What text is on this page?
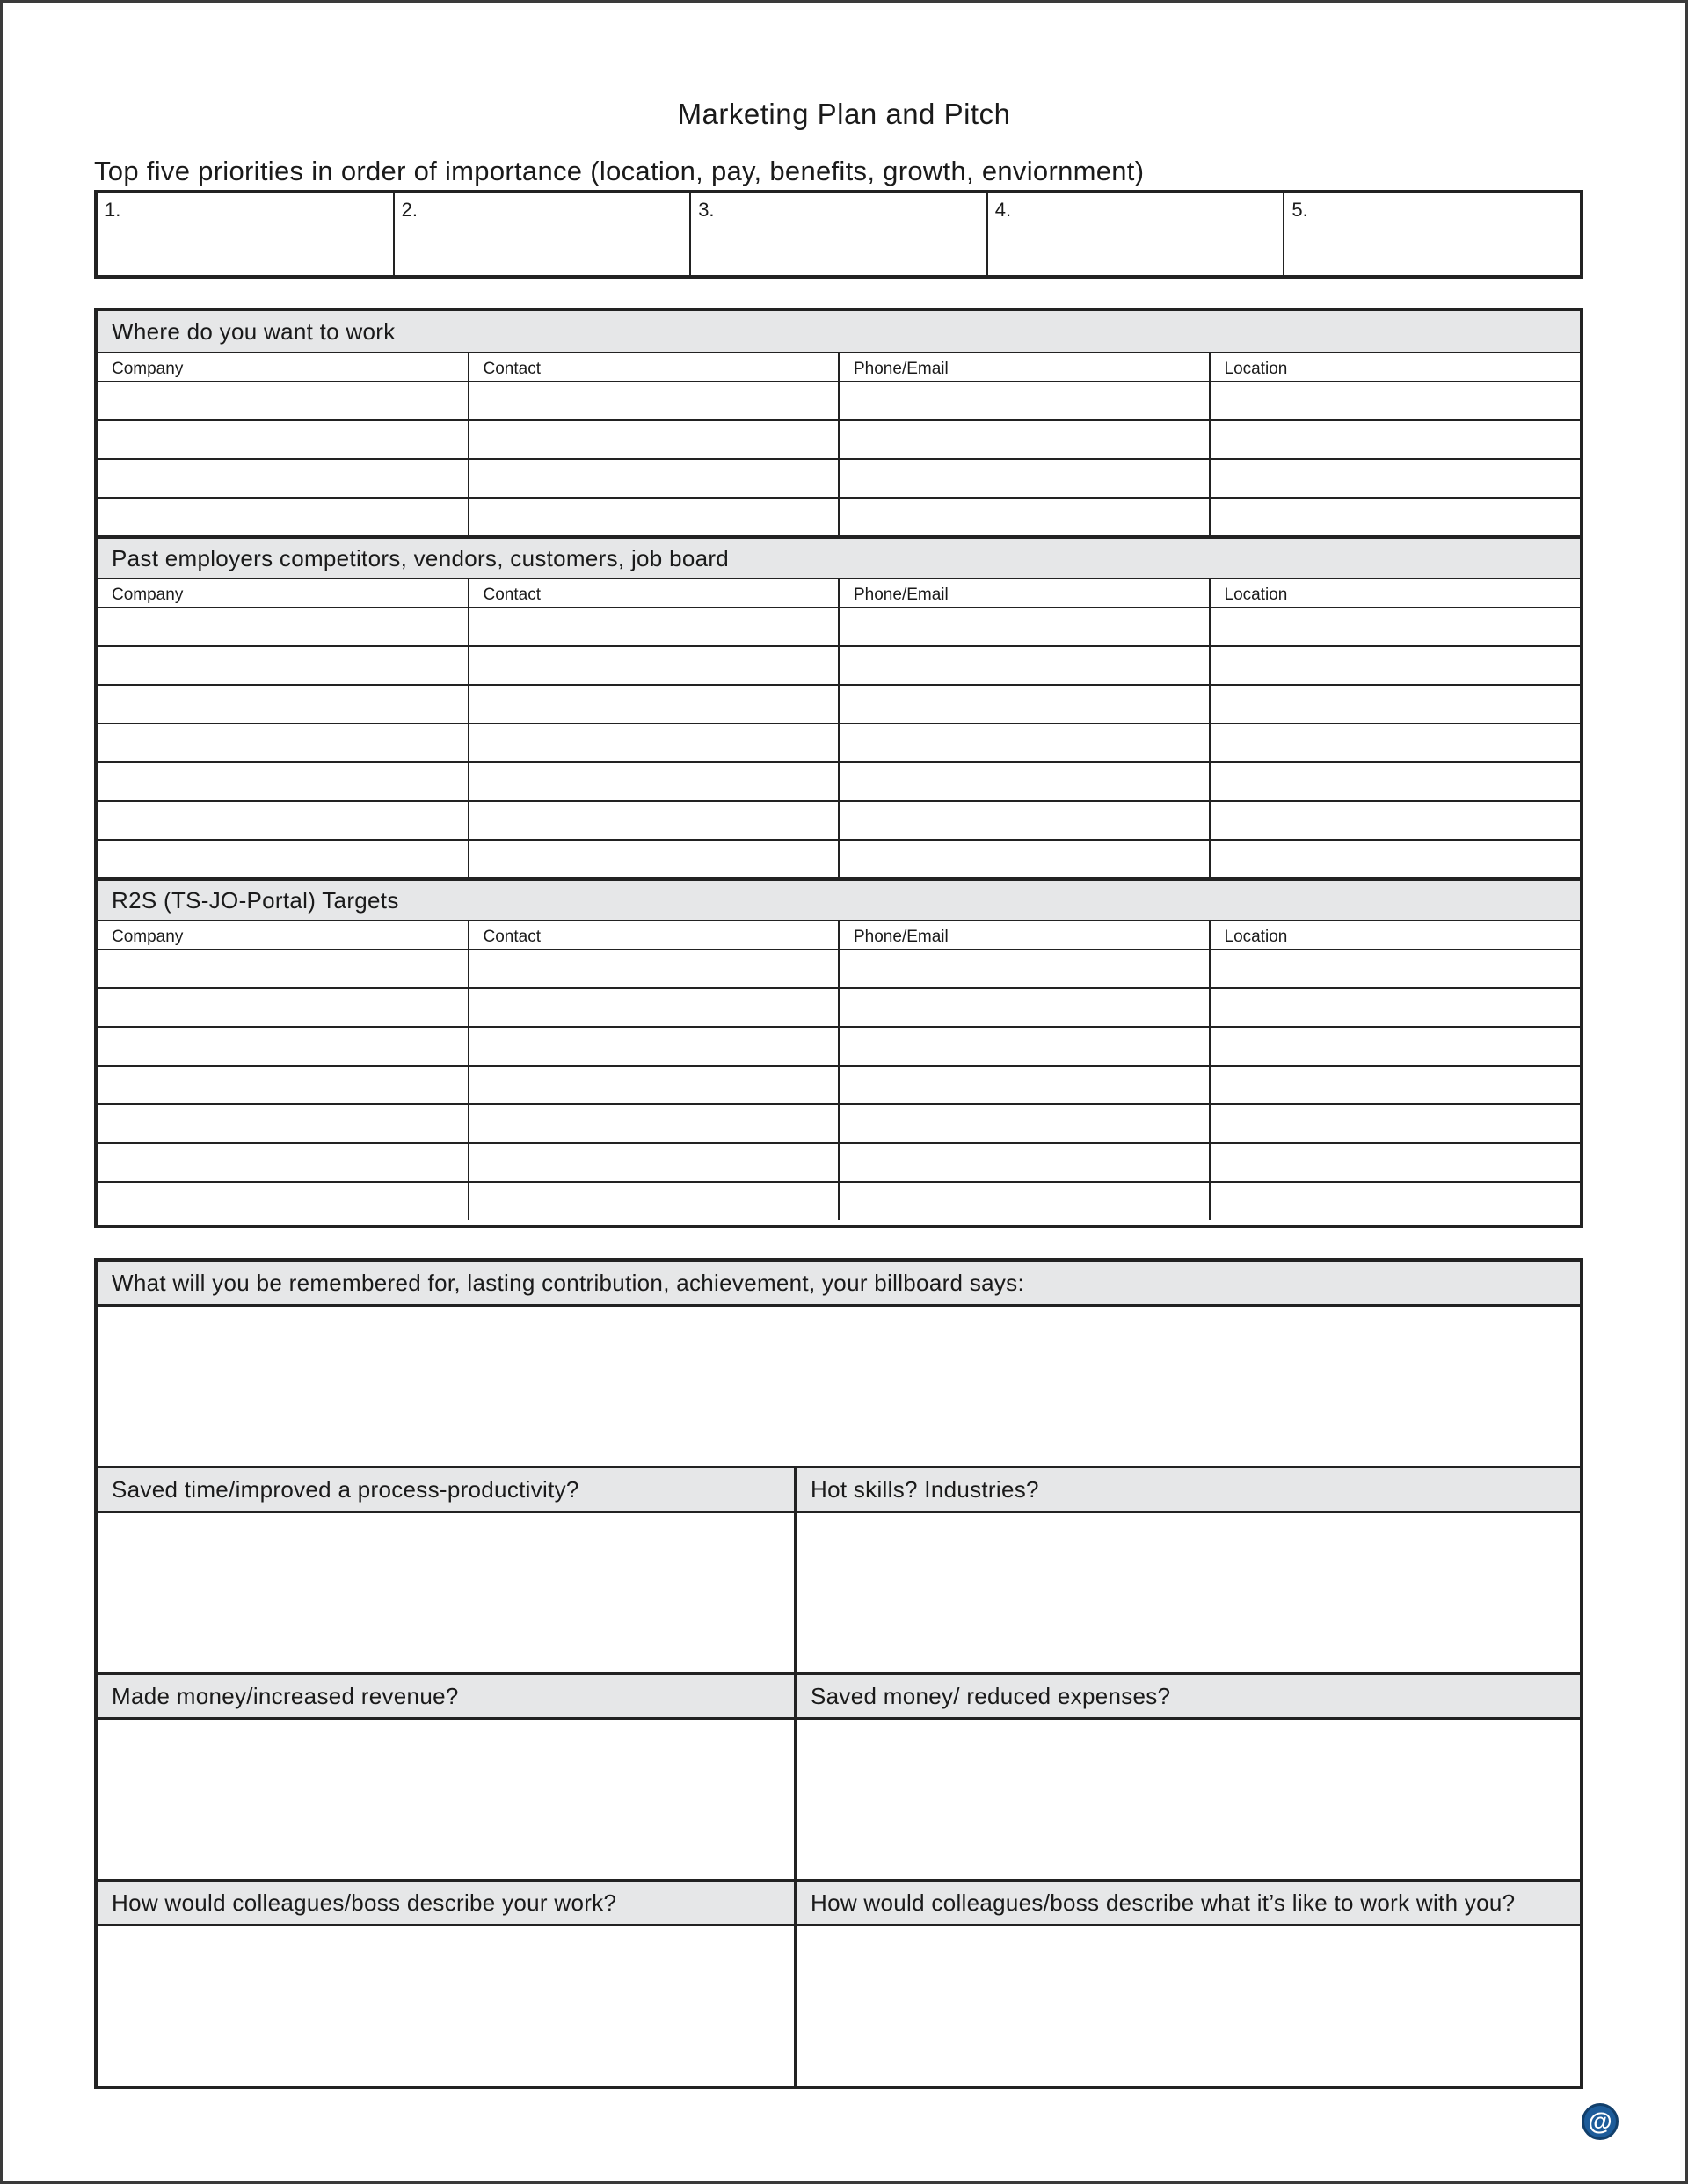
Marketing Plan and Pitch
Top five priorities in order of importance (location, pay, benefits, growth, enviornment)
1.	2.	3.	4.	5.
Where do you want to work
Company	Contact	Phone/Email	Location

Past employers competitors, vendors, customers, job board
Company	Contact	Phone/Email	Location

R2S (TS-JO-Portal) Targets
Company	Contact	Phone/Email	Location

What will you be remembered for, lasting contribution, achievement, your billboard says:
Saved time/improved a process-productivity?	Hot skills? Industries?
Made money/increased revenue?	Saved money/ reduced expenses?
How would colleagues/boss describe your work?	How would colleagues/boss describe what it’s like to work with you?
@
